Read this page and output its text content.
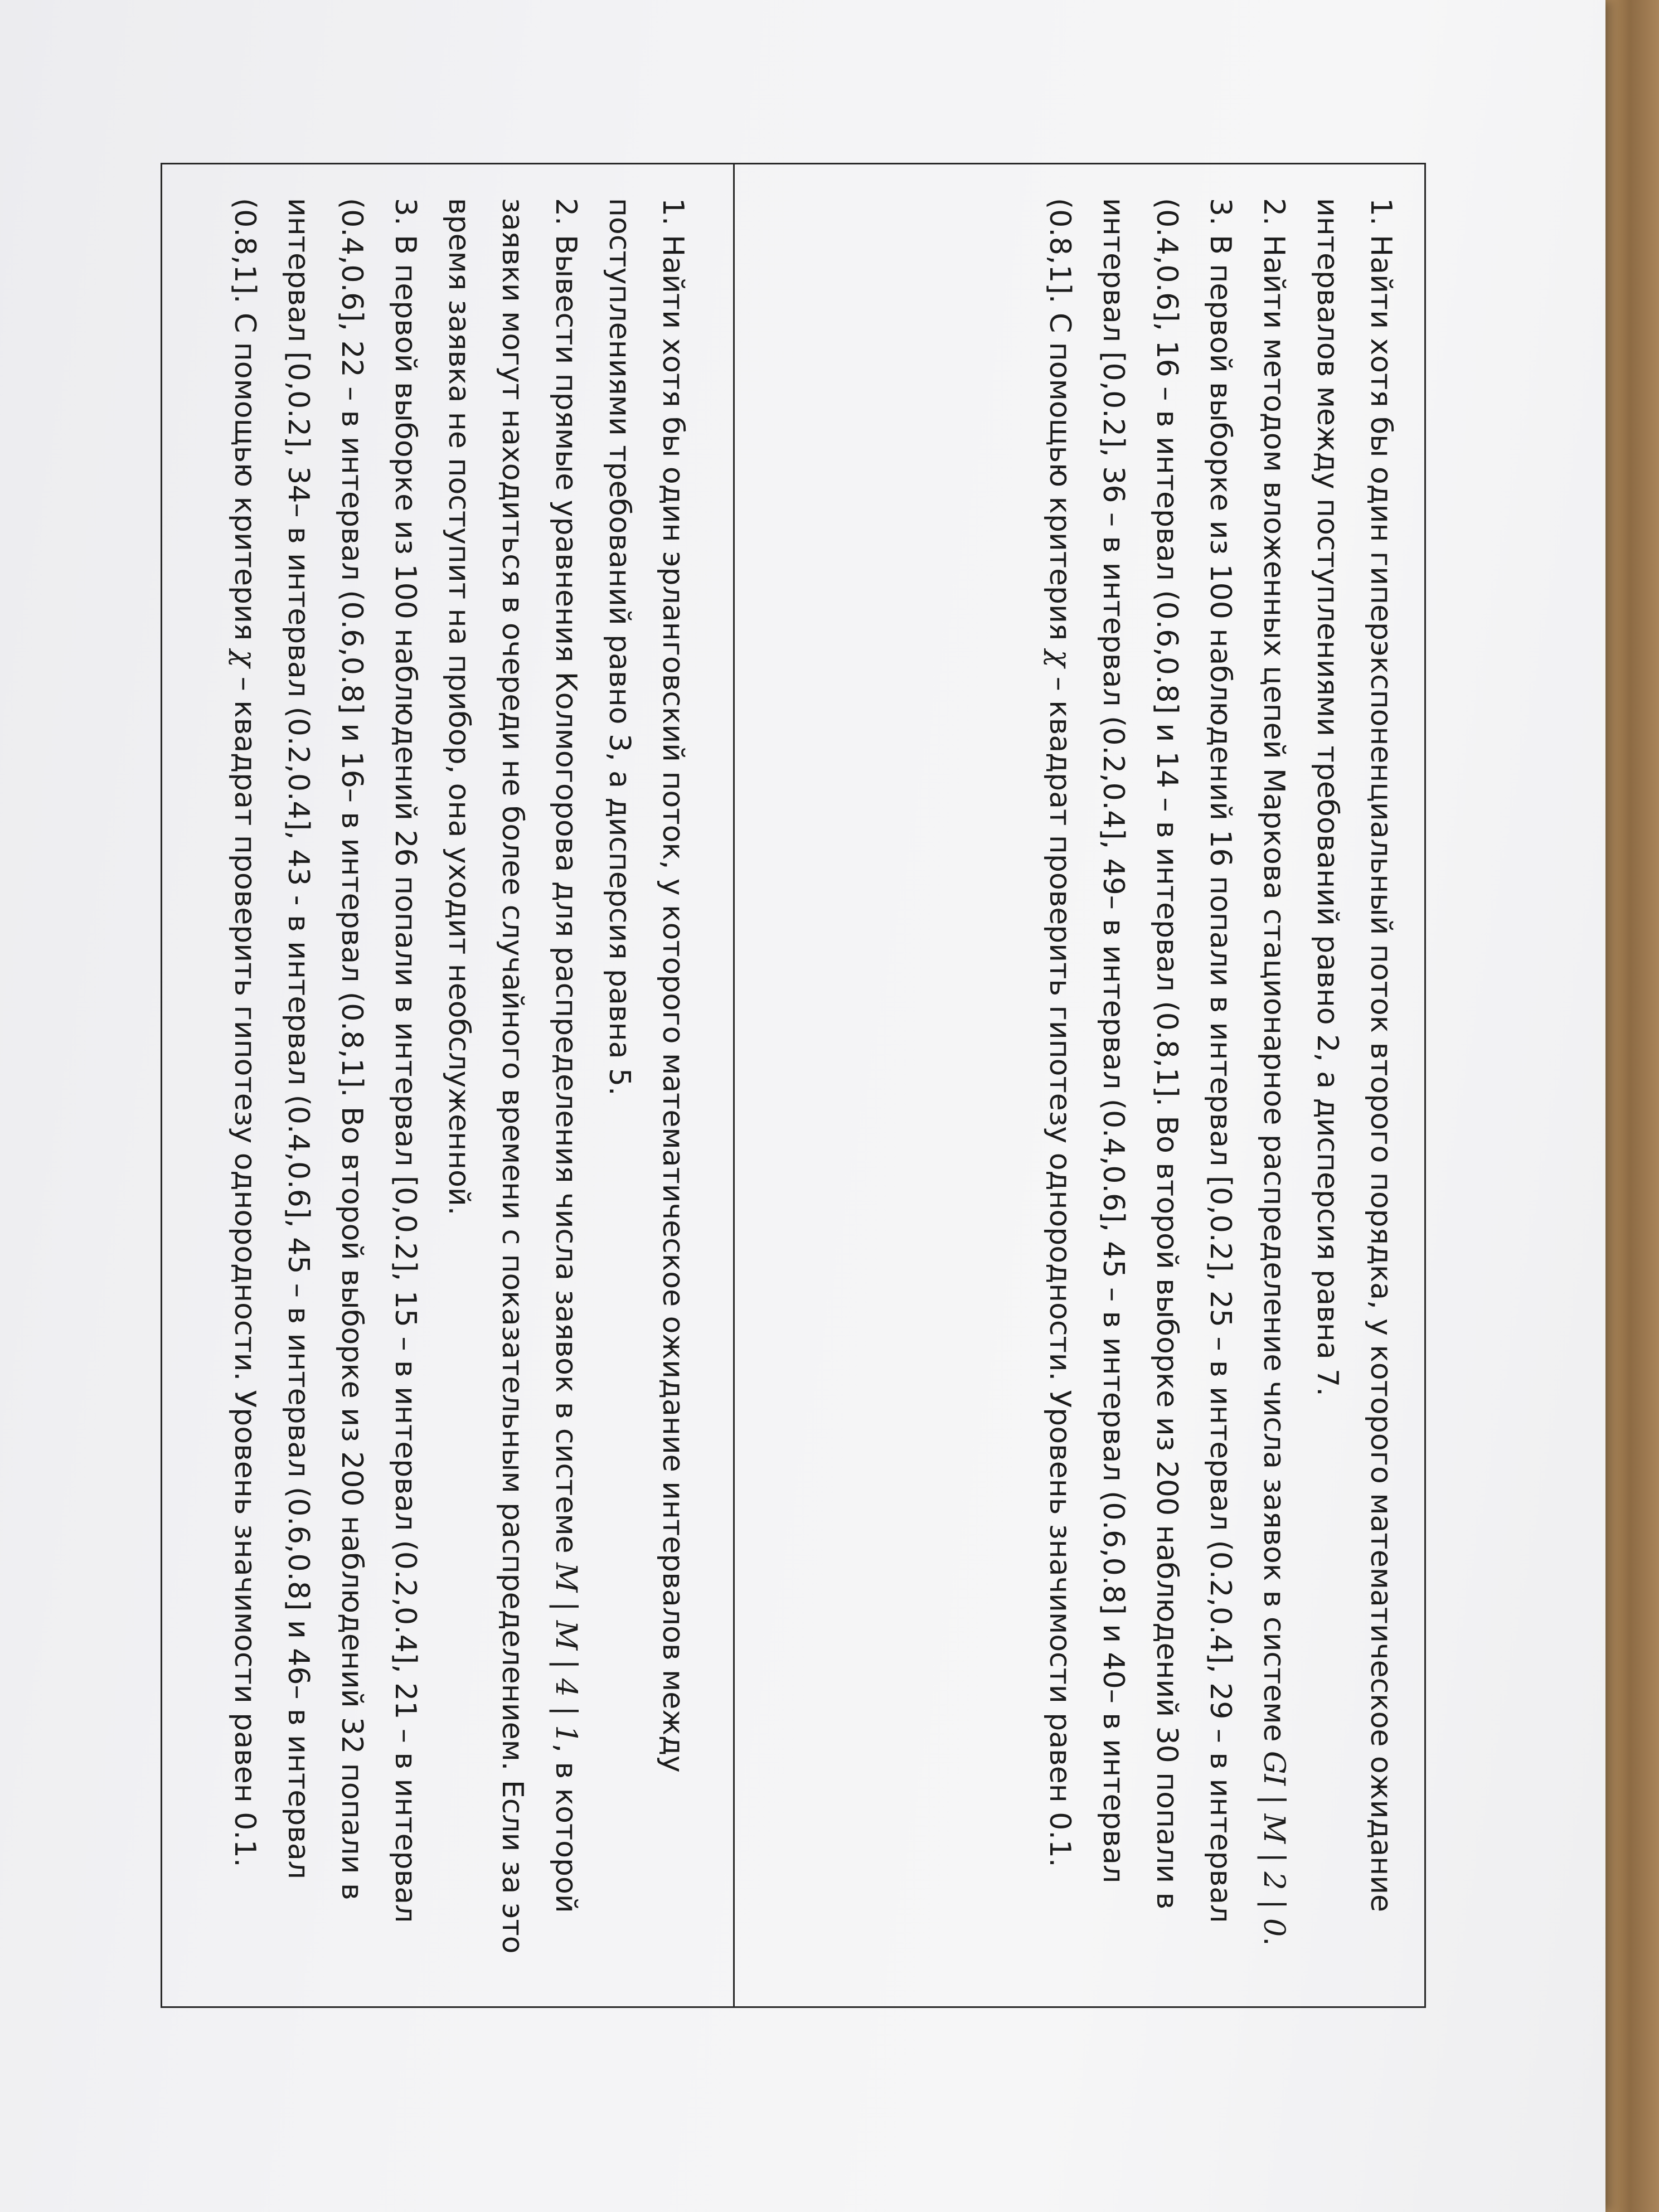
1. Найти хотя бы один гиперэкспоненциальный поток второго порядка, у которого математическое ожидание интервалов между поступлениями требований равно 2, а дисперсия равна 7.

2. Найти методом вложенных цепей Маркова стационарное распределение числа заявок в системе GI | M | 2 | 0.

3. В первой выборке из 100 наблюдений 16 попали в интервал [0,0.2], 25 – в интервал (0.2,0.4], 29 – в интервал (0.4,0.6], 16 – в интервал (0.6,0.8] и 14 – в интервал (0.8,1]. Во второй выборке из 200 наблюдений 30 попали в интервал [0,0.2], 36 – в интервал (0.2,0.4], 49– в интервал (0.4,0.6], 45 – в интервал (0.6,0.8] и 40– в интервал (0.8,1]. С помощью критерия χ – квадрат проверить гипотезу однородности. Уровень значимости равен 0.1.

1. Найти хотя бы один эрланговский поток, у которого математическое ожидание интервалов между поступлениями требований равно 3, а дисперсия равна 5.

2. Вывести прямые уравнения Колмогорова для распределения числа заявок в системе M | M | 4 | 1, в которой заявки могут находиться в очереди не более случайного времени с показательным распределением. Если за это время заявка не поступит на прибор, она уходит необслуженной.

3. В первой выборке из 100 наблюдений 26 попали в интервал [0,0.2], 15 – в интервал (0.2,0.4], 21 – в интервал (0.4,0.6], 22 – в интервал (0.6,0.8] и 16– в интервал (0.8,1]. Во второй выборке из 200 наблюдений 32 попали в интервал [0,0.2], 34– в интервал (0.2,0.4], 43 - в интервал (0.4,0.6], 45 – в интервал (0.6,0.8] и 46– в интервал (0.8,1]. С помощью критерия χ – квадрат проверить гипотезу однородности. Уровень значимости равен 0.1.
